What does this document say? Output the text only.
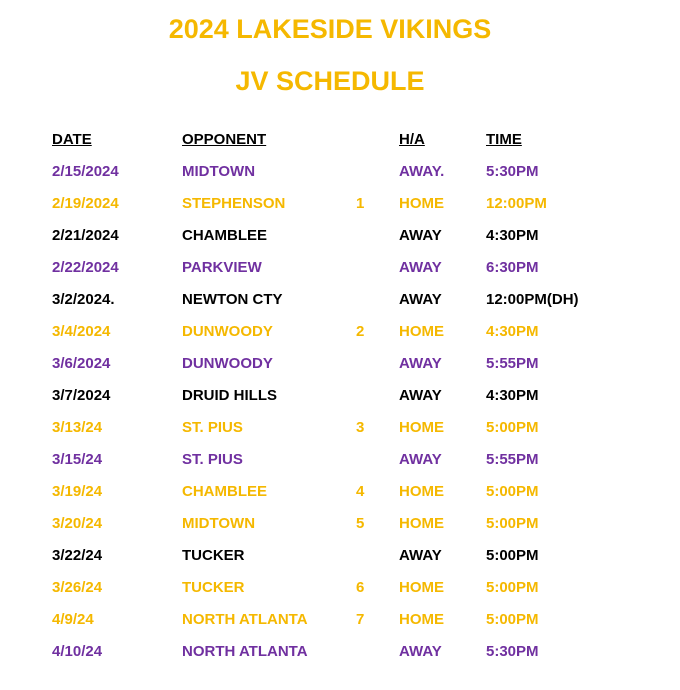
2024 LAKESIDE VIKINGS
JV SCHEDULE
DATE	OPPONENT	H/A	TIME
2/15/2024	MIDTOWN	AWAY.	5:30PM
2/19/2024	STEPHENSON	1 HOME	12:00PM
2/21/2024	CHAMBLEE	AWAY	4:30PM
2/22/2024	PARKVIEW	AWAY	6:30PM
3/2/2024.	NEWTON CTY	AWAY	12:00PM(DH)
3/4/2024	DUNWOODY	2 HOME	4:30PM
3/6/2024	DUNWOODY	AWAY	5:55PM
3/7/2024	DRUID HILLS	AWAY	4:30PM
3/13/24	ST. PIUS	3 HOME	5:00PM
3/15/24	ST. PIUS	AWAY	5:55PM
3/19/24	CHAMBLEE	4 HOME	5:00PM
3/20/24	MIDTOWN	5 HOME	5:00PM
3/22/24	TUCKER	AWAY	5:00PM
3/26/24	TUCKER	6 HOME	5:00PM
4/9/24	NORTH ATLANTA	7 HOME	5:00PM
4/10/24	NORTH ATLANTA	AWAY	5:30PM
